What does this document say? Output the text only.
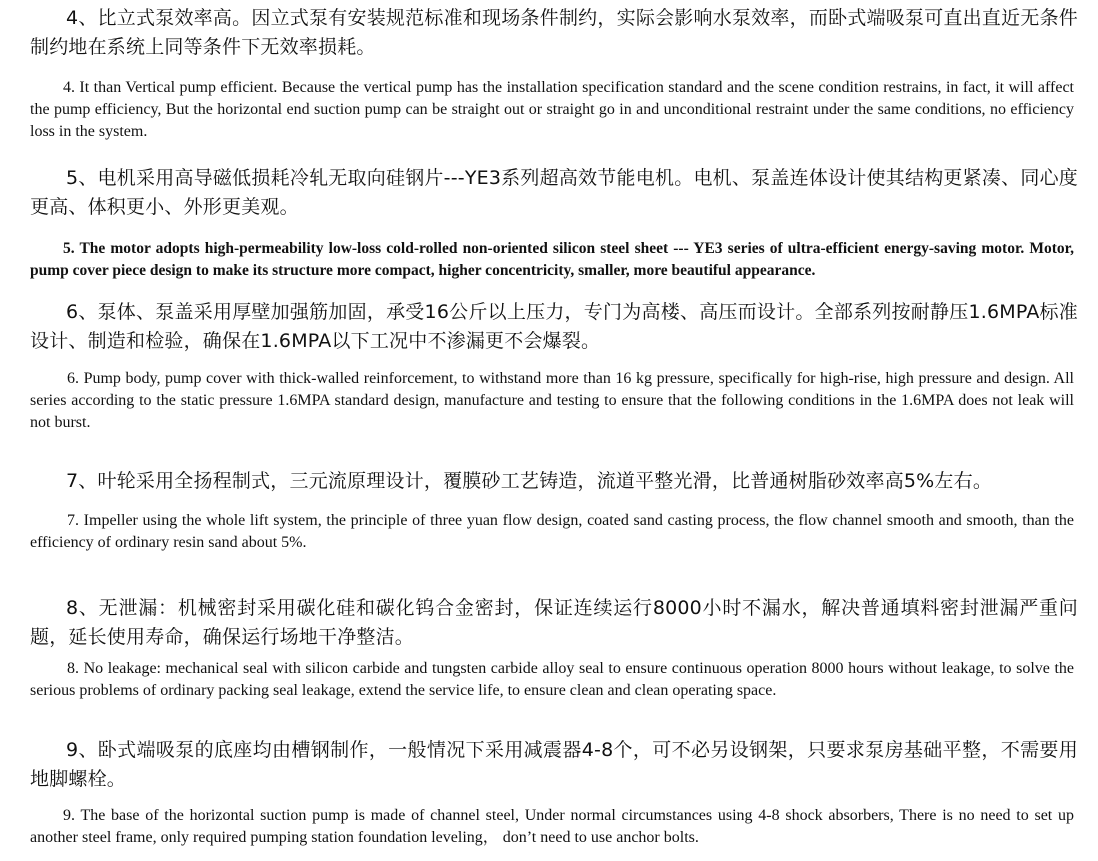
4、比立式泵效率高。因立式泵有安装规范标准和现场条件制约，实际会影响水泵效率，而卧式端吸泵可直出直近无条件制约地在系统上同等条件下无效率损耗。
4. It than Vertical pump efficient. Because the vertical pump has the installation specification standard and the scene condition restrains, in fact, it will affect the pump efficiency, But the horizontal end suction pump can be straight out or straight go in and unconditional restraint under the same conditions, no efficiency loss in the system.
5、电机采用高导磁低损耗冷轧无取向硅钢片---YE3系列超高效节能电机。电机、泵盖连体设计使其结构更紧凑、同心度更高、体积更小、外形更美观。
5. The motor adopts high-permeability low-loss cold-rolled non-oriented silicon steel sheet --- YE3 series of ultra-efficient energy-saving motor. Motor, pump cover piece design to make its structure more compact, higher concentricity, smaller, more beautiful appearance.
6、泵体、泵盖采用厚壁加强筋加固，承受16公斤以上压力，专门为高楼、高压而设计。全部系列按耐静压1.6MPA标准设计、制造和检验，确保在1.6MPA以下工况中不渗漏更不会爆裂。
6. Pump body, pump cover with thick-walled reinforcement, to withstand more than 16 kg pressure, specifically for high-rise, high pressure and design. All series according to the static pressure 1.6MPA standard design, manufacture and testing to ensure that the following conditions in the 1.6MPA does not leak will not burst.
7、叶轮采用全扬程制式，三元流原理设计，覆膜砂工艺铸造，流道平整光滑，比普通树脂砂效率高5%左右。
7. Impeller using the whole lift system, the principle of three yuan flow design, coated sand casting process, the flow channel smooth and smooth, than the efficiency of ordinary resin sand about 5%.
8、无泄漏：机械密封采用碳化硅和碳化钨合金密封，保证连续运行8000小时不漏水，解决普通填料密封泄漏严重问题，延长使用寿命，确保运行场地干净整洁。
8. No leakage: mechanical seal with silicon carbide and tungsten carbide alloy seal to ensure continuous operation 8000 hours without leakage, to solve the serious problems of ordinary packing seal leakage, extend the service life, to ensure clean and clean operating space.
9、卧式端吸泵的底座均由槽钢制作，一般情况下采用减震器4-8个，可不必另设钢架，只要求泵房基础平整，不需要用地脚螺栓。
9. The base of the horizontal suction pump is made of channel steel, Under normal circumstances using 4-8 shock absorbers, There is no need to set up another steel frame, only required pumping station foundation leveling， don’t need to use anchor bolts.
